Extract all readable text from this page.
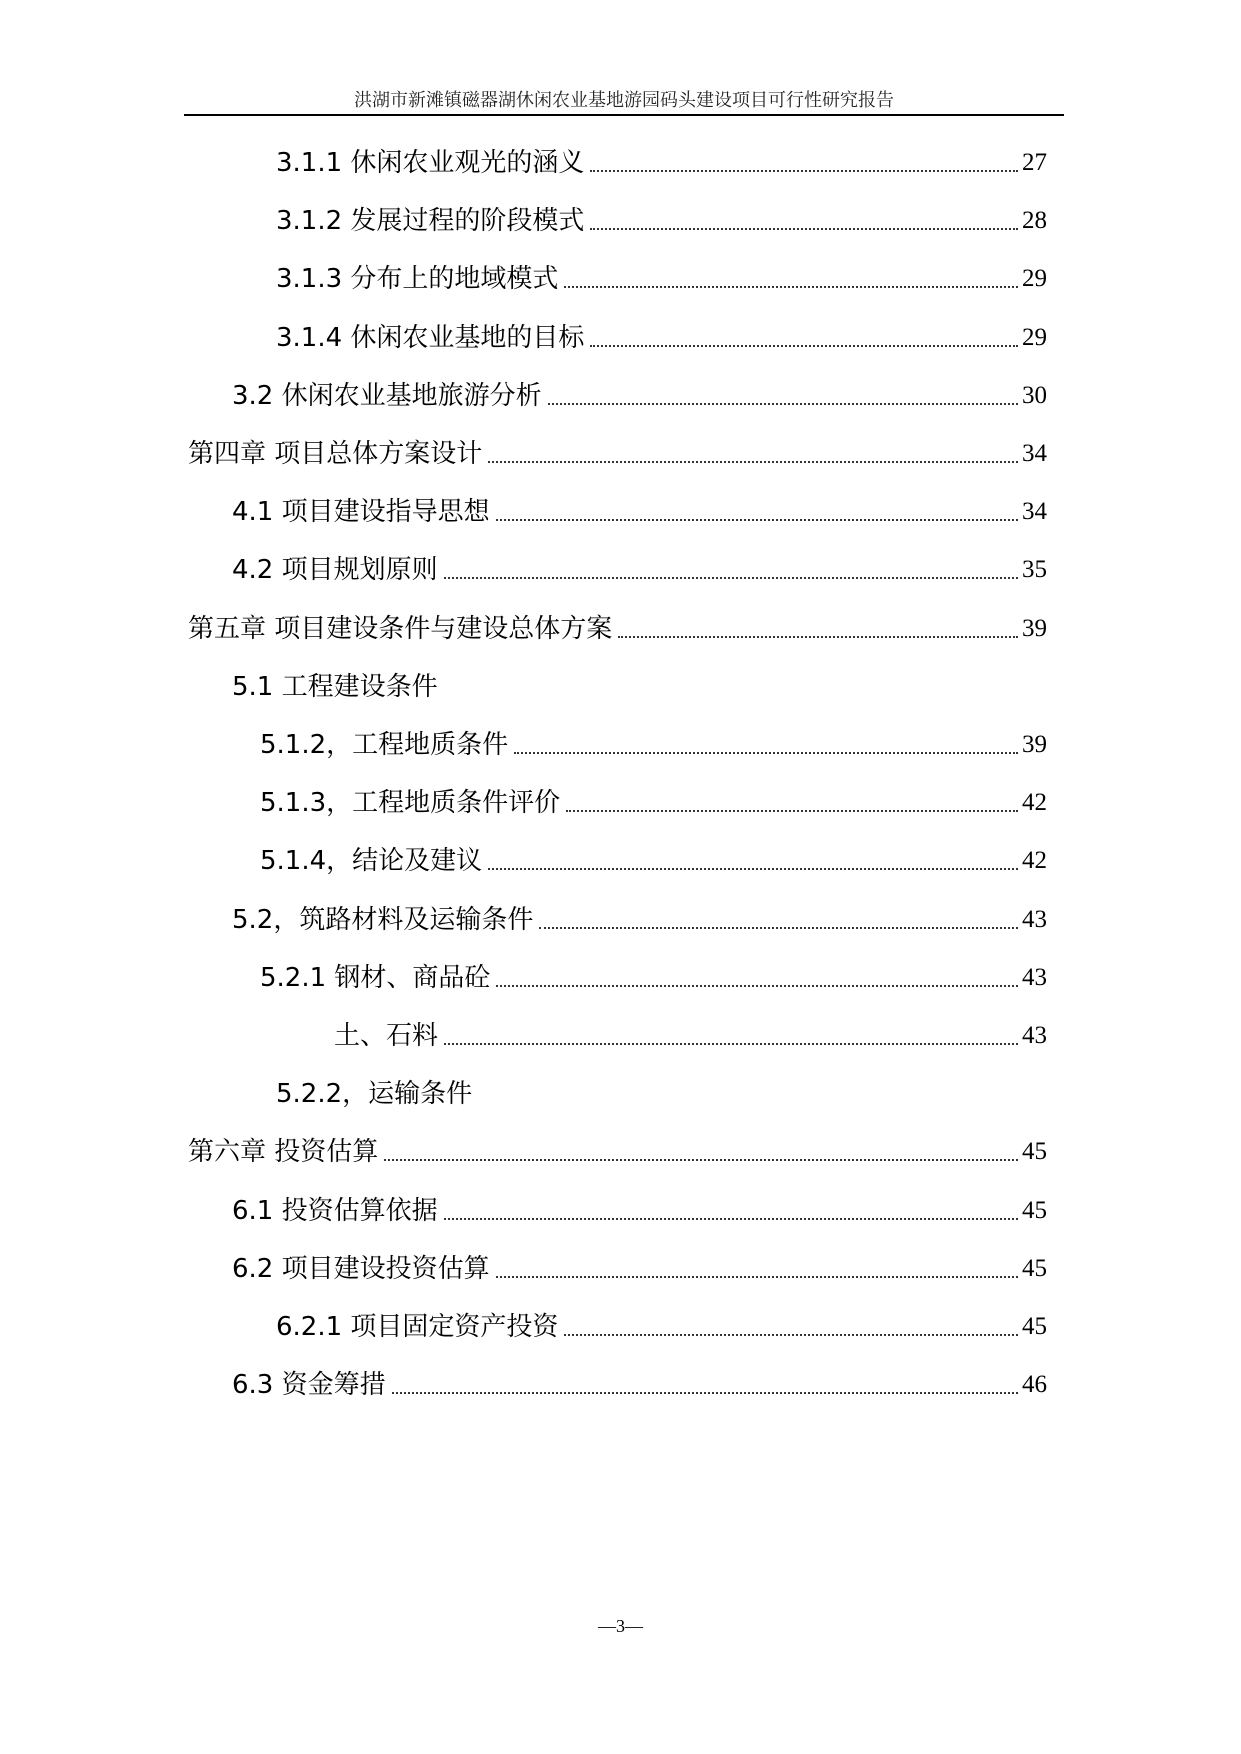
洪湖市新滩镇磁器湖休闲农业基地游园码头建设项目可行性研究报告
3.1.1 休闲农业观光的涵义	27
3.1.2 发展过程的阶段模式	28
3.1.3 分布上的地域模式	29
3.1.4 休闲农业基地的目标	29
3.2 休闲农业基地旅游分析	30
第四章 项目总体方案设计	34
4.1 项目建设指导思想	34
4.2 项目规划原则	35
第五章 项目建设条件与建设总体方案	39
5.1 工程建设条件
5.1.2，工程地质条件	39
5.1.3，工程地质条件评价	42
5.1.4，结论及建议	42
5.2，筑路材料及运输条件	43
5.2.1 钢材、商品砼	43
土、石料	43
5.2.2，运输条件
第六章 投资估算	45
6.1 投资估算依据	45
6.2 项目建设投资估算	45
6.2.1 项目固定资产投资	45
6.3 资金筹措	46
—3—
